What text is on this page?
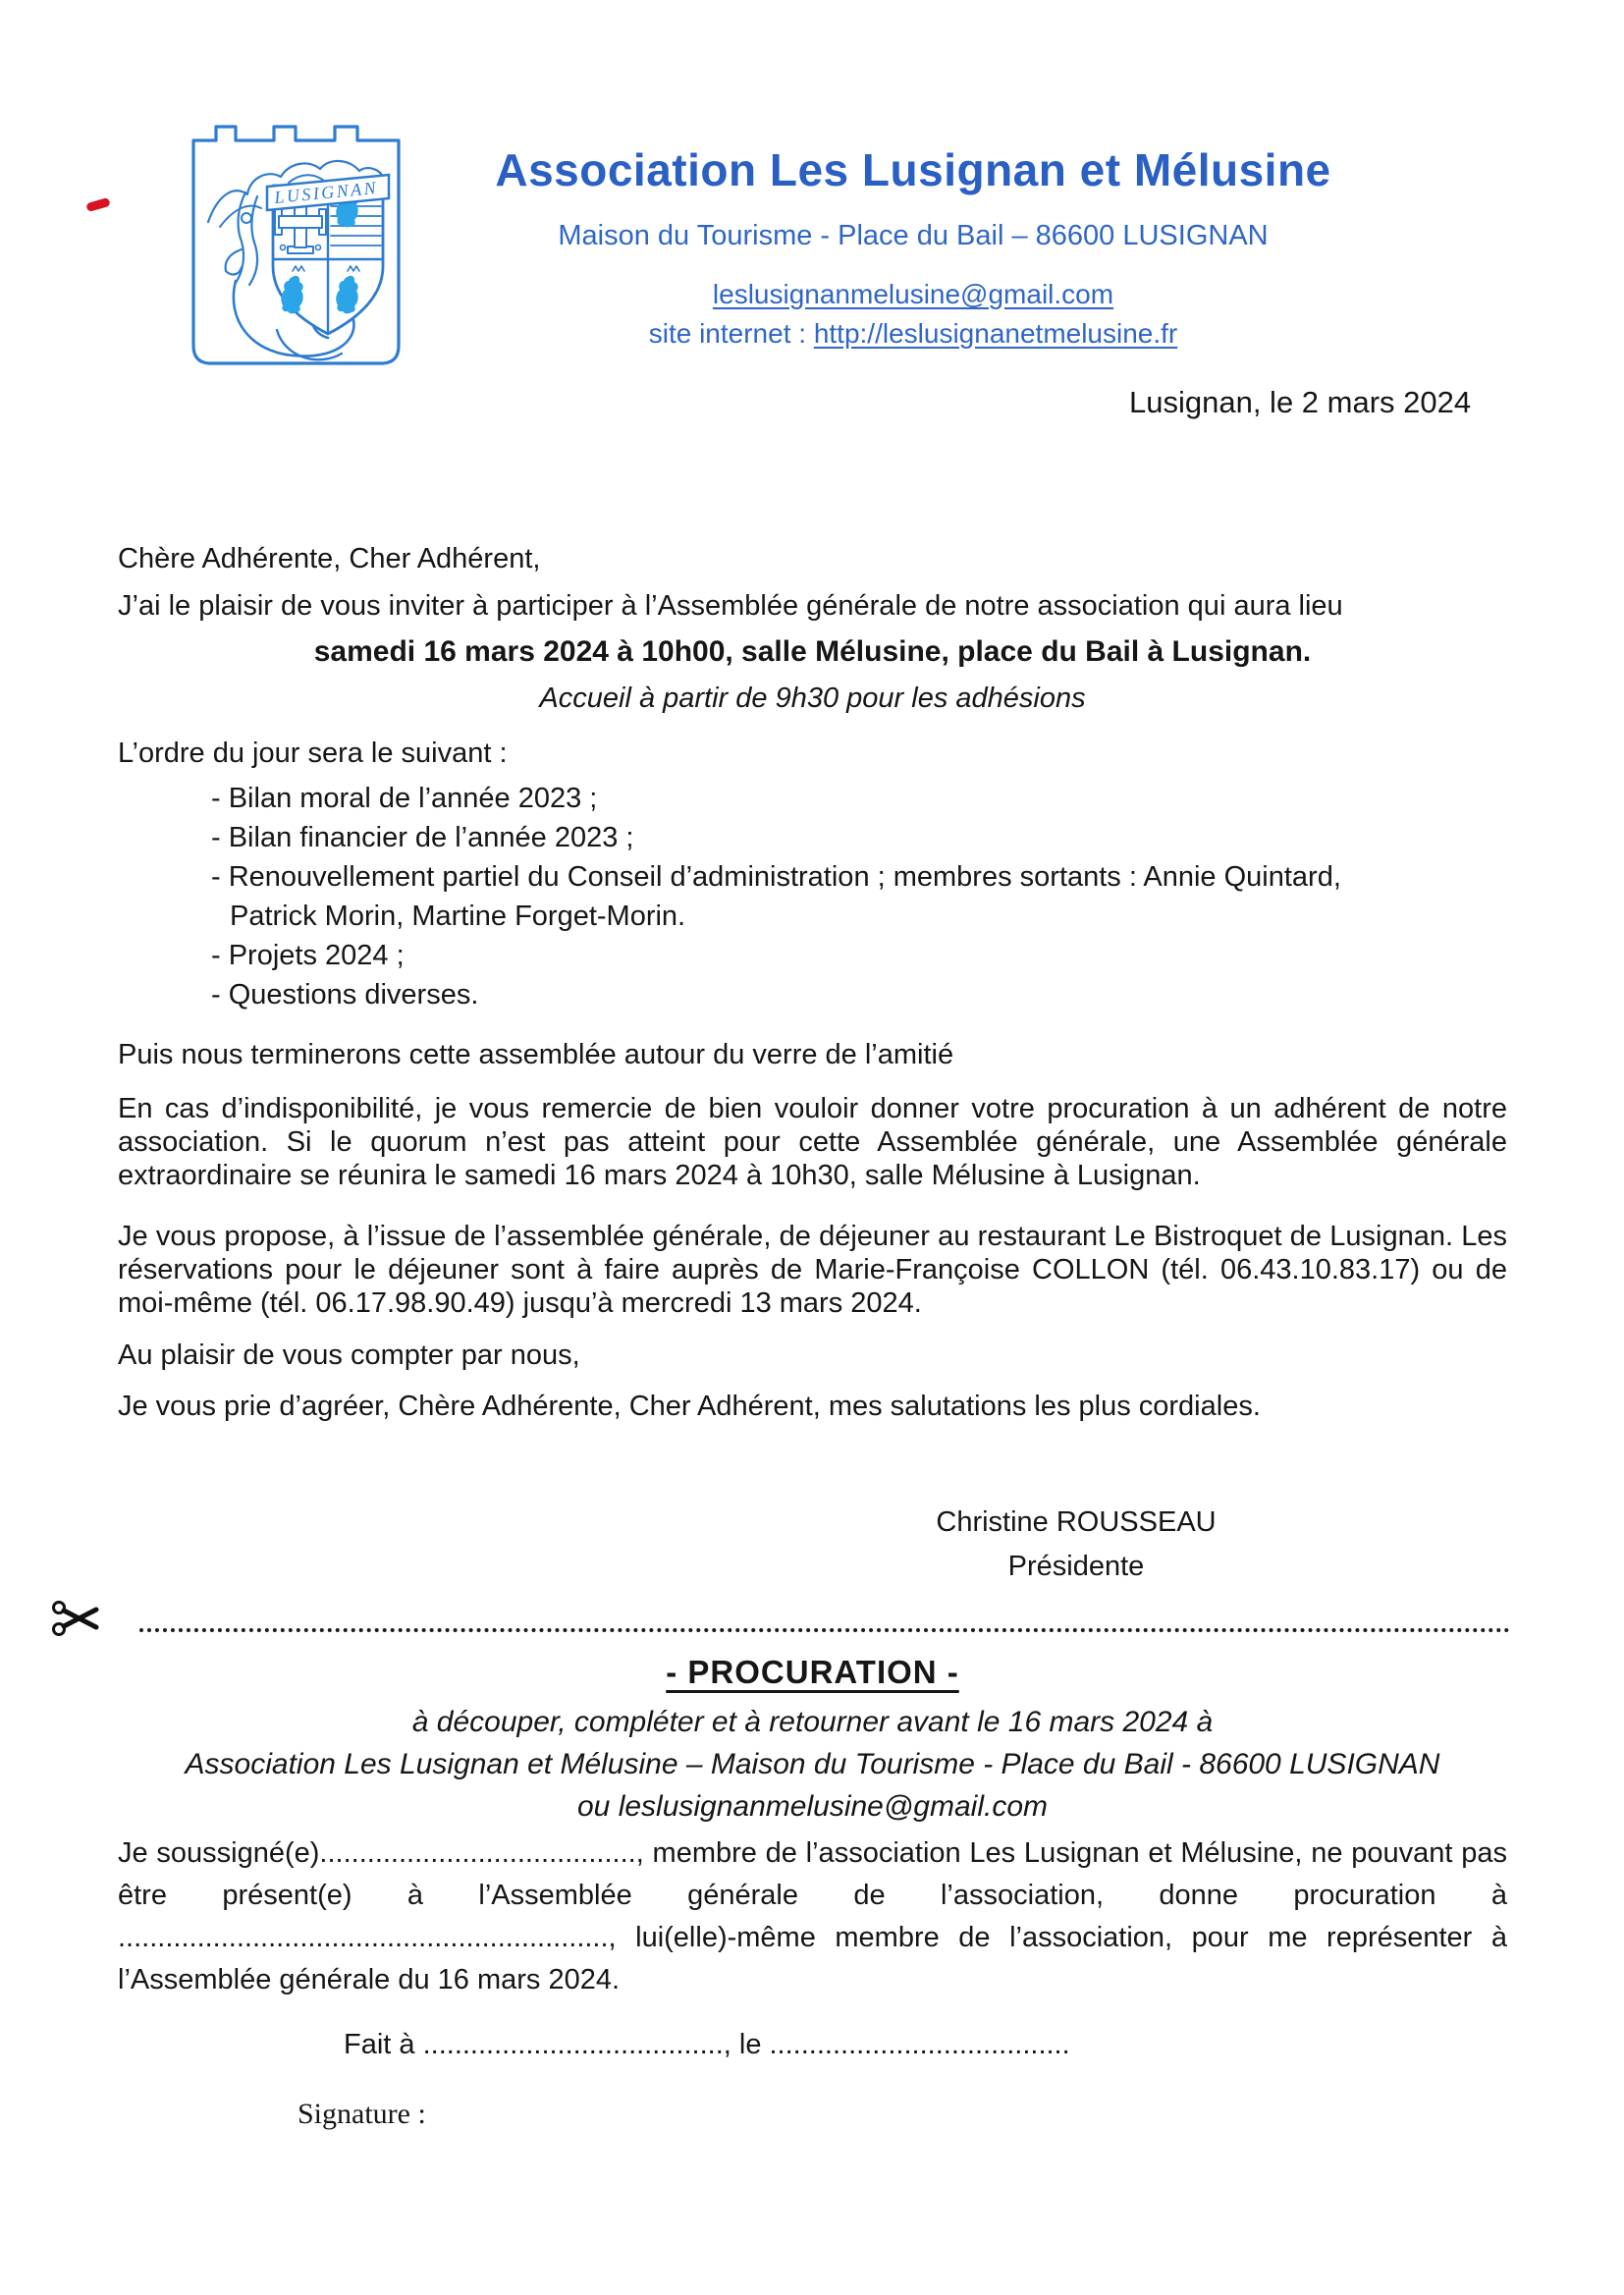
LUSIGNAN	Association Les Lusignan et Mélusine
Maison du Tourisme - Place du Bail – 86600 LUSIGNAN
leslusignanmelusine@gmail.com
site internet : http://leslusignanetmelusine.fr
Lusignan, le 2 mars 2024
Chère Adhérente, Cher Adhérent,
J’ai le plaisir de vous inviter à participer à l’Assemblée générale de notre association qui aura lieu
samedi 16 mars 2024 à 10h00, salle Mélusine, place du Bail à Lusignan.
Accueil à partir de 9h30 pour les adhésions
L’ordre du jour sera le suivant :
- Bilan moral de l’année 2023 ;
- Bilan financier de l’année 2023 ;
- Renouvellement partiel du Conseil d’administration ; membres sortants : Annie Quintard,
Patrick Morin, Martine Forget-Morin.
- Projets 2024 ;
- Questions diverses.
Puis nous terminerons cette assemblée autour du verre de l’amitié
En cas d’indisponibilité, je vous remercie de bien vouloir donner votre procuration à un adhérent de notre association. Si le quorum n’est pas atteint pour cette Assemblée générale, une Assemblée générale extraordinaire se réunira le samedi 16 mars 2024 à 10h30, salle Mélusine à Lusignan.
Je vous propose, à l’issue de l’assemblée générale, de déjeuner au restaurant Le Bistroquet de Lusignan. Les réservations pour le déjeuner sont à faire auprès de Marie-Françoise COLLON (tél. 06.43.10.83.17) ou de moi-même (tél. 06.17.98.90.49) jusqu’à mercredi 13 mars 2024.
Au plaisir de vous compter par nous,
Je vous prie d’agréer, Chère Adhérente, Cher Adhérent, mes salutations les plus cordiales.
Christine ROUSSEAU
Présidente
- PROCURATION -
à découper, compléter et à retourner avant le 16 mars 2024 à
Association Les Lusignan et Mélusine – Maison du Tourisme - Place du Bail - 86600 LUSIGNAN
ou leslusignanmelusine@gmail.com
Je soussigné(e)........................................, membre de l’association Les Lusignan et Mélusine, ne pouvant pas être présent(e) à l’Assemblée générale de l’association, donne procuration à .............................................................., lui(elle)-même membre de l’association, pour me représenter à l’Assemblée générale du 16 mars 2024.
Fait à ......................................, le ......................................
Signature :
